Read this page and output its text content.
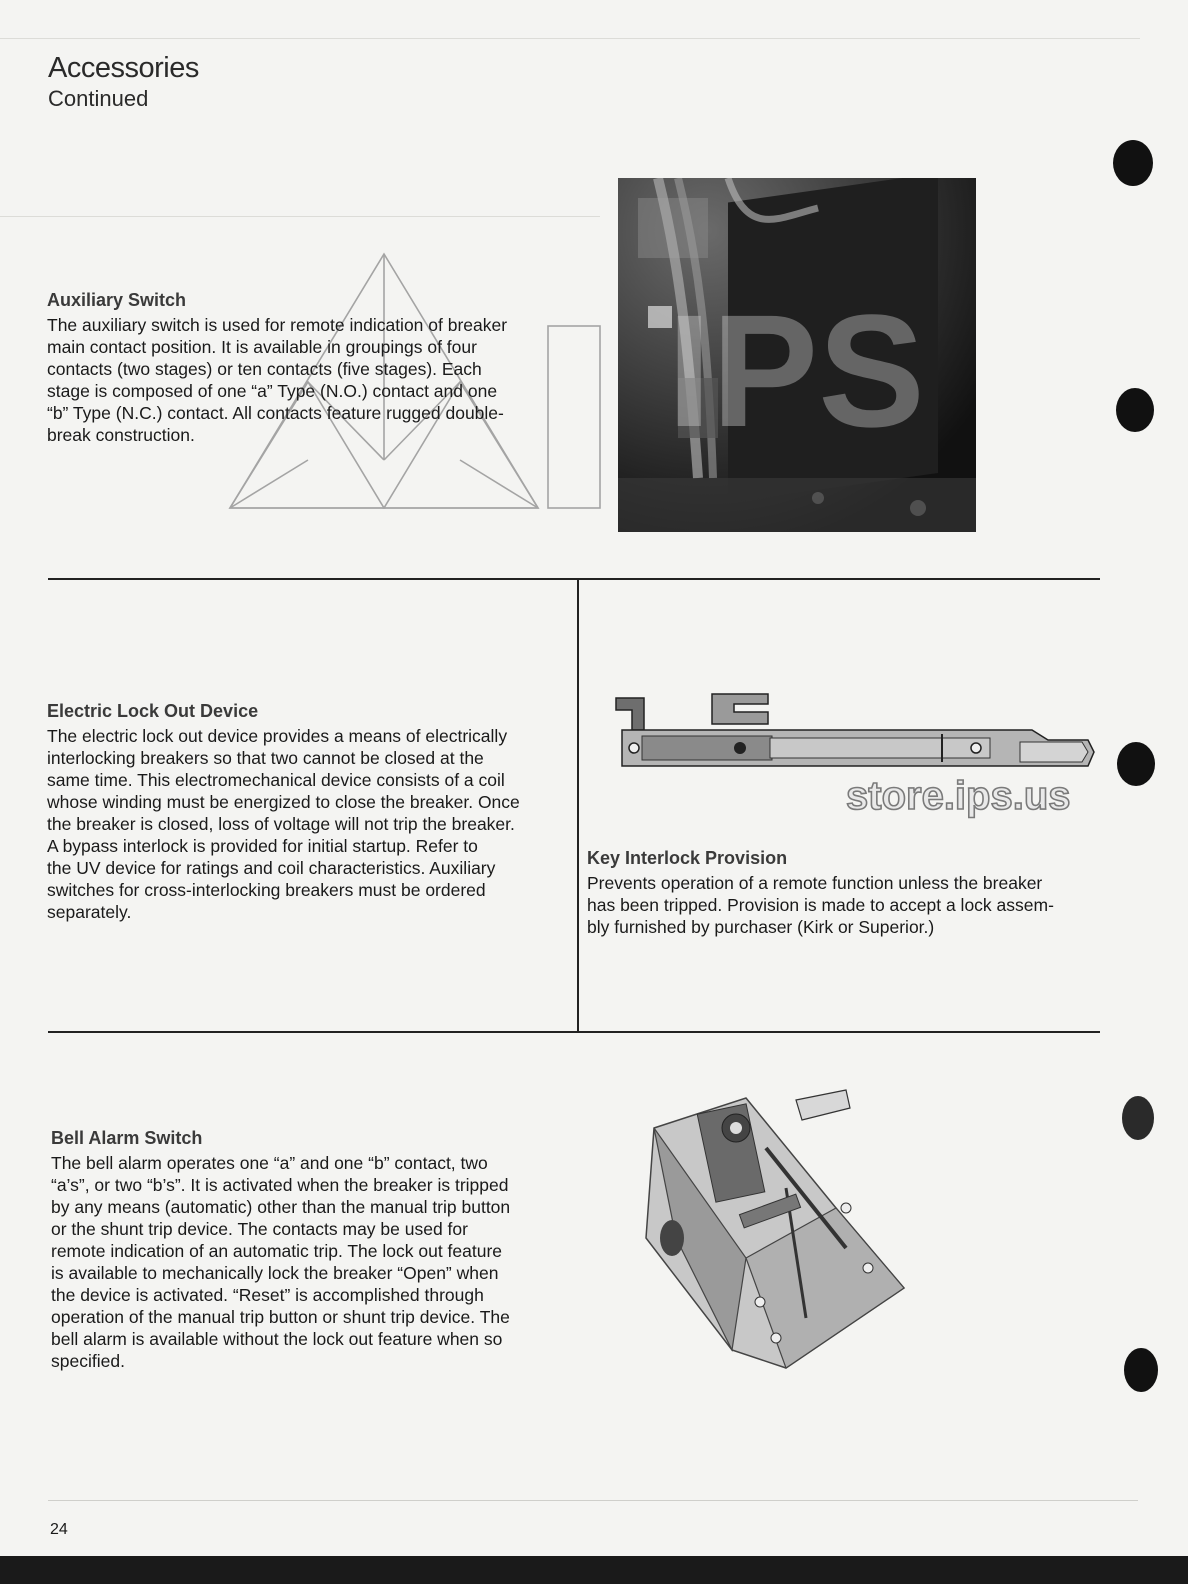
Accessories
Continued

Auxiliary Switch

The auxiliary switch is used for remote indication of breaker
main contact position. It is available in groupings of four
contacts (two stages) or ten contacts (five stages). Each
stage is composed of one “a” Type (N.O.) contact and one
“b” Type (N.C.) contact. All contacts feature rugged double-
break construction.	IPS

Electric Lock Out Device

The electric lock out device provides a means of electrically
interlocking breakers so that two cannot be closed at the
same time. This electromechanical device consists of a coil
whose winding must be energized to close the breaker. Once
the breaker is closed, loss of voltage will not trip the breaker.
A bypass interlock is provided for initial startup. Refer to
the UV device for ratings and coil characteristics. Auxiliary
switches for cross-interlocking breakers must be ordered
separately.

store.ips.us

Key Interlock Provision

Prevents operation of a remote function unless the breaker
has been tripped. Provision is made to accept a lock assem-
bly furnished by purchaser (Kirk or Superior.)

Bell Alarm Switch

The bell alarm operates one “a” and one “b” contact, two
“a’s”, or two “b’s”. It is activated when the breaker is tripped
by any means (automatic) other than the manual trip button
or the shunt trip device. The contacts may be used for
remote indication of an automatic trip. The lock out feature
is available to mechanically lock the breaker “Open” when
the device is activated. “Reset” is accomplished through
operation of the manual trip button or shunt trip device. The
bell alarm is available without the lock out feature when so
specified.

24
